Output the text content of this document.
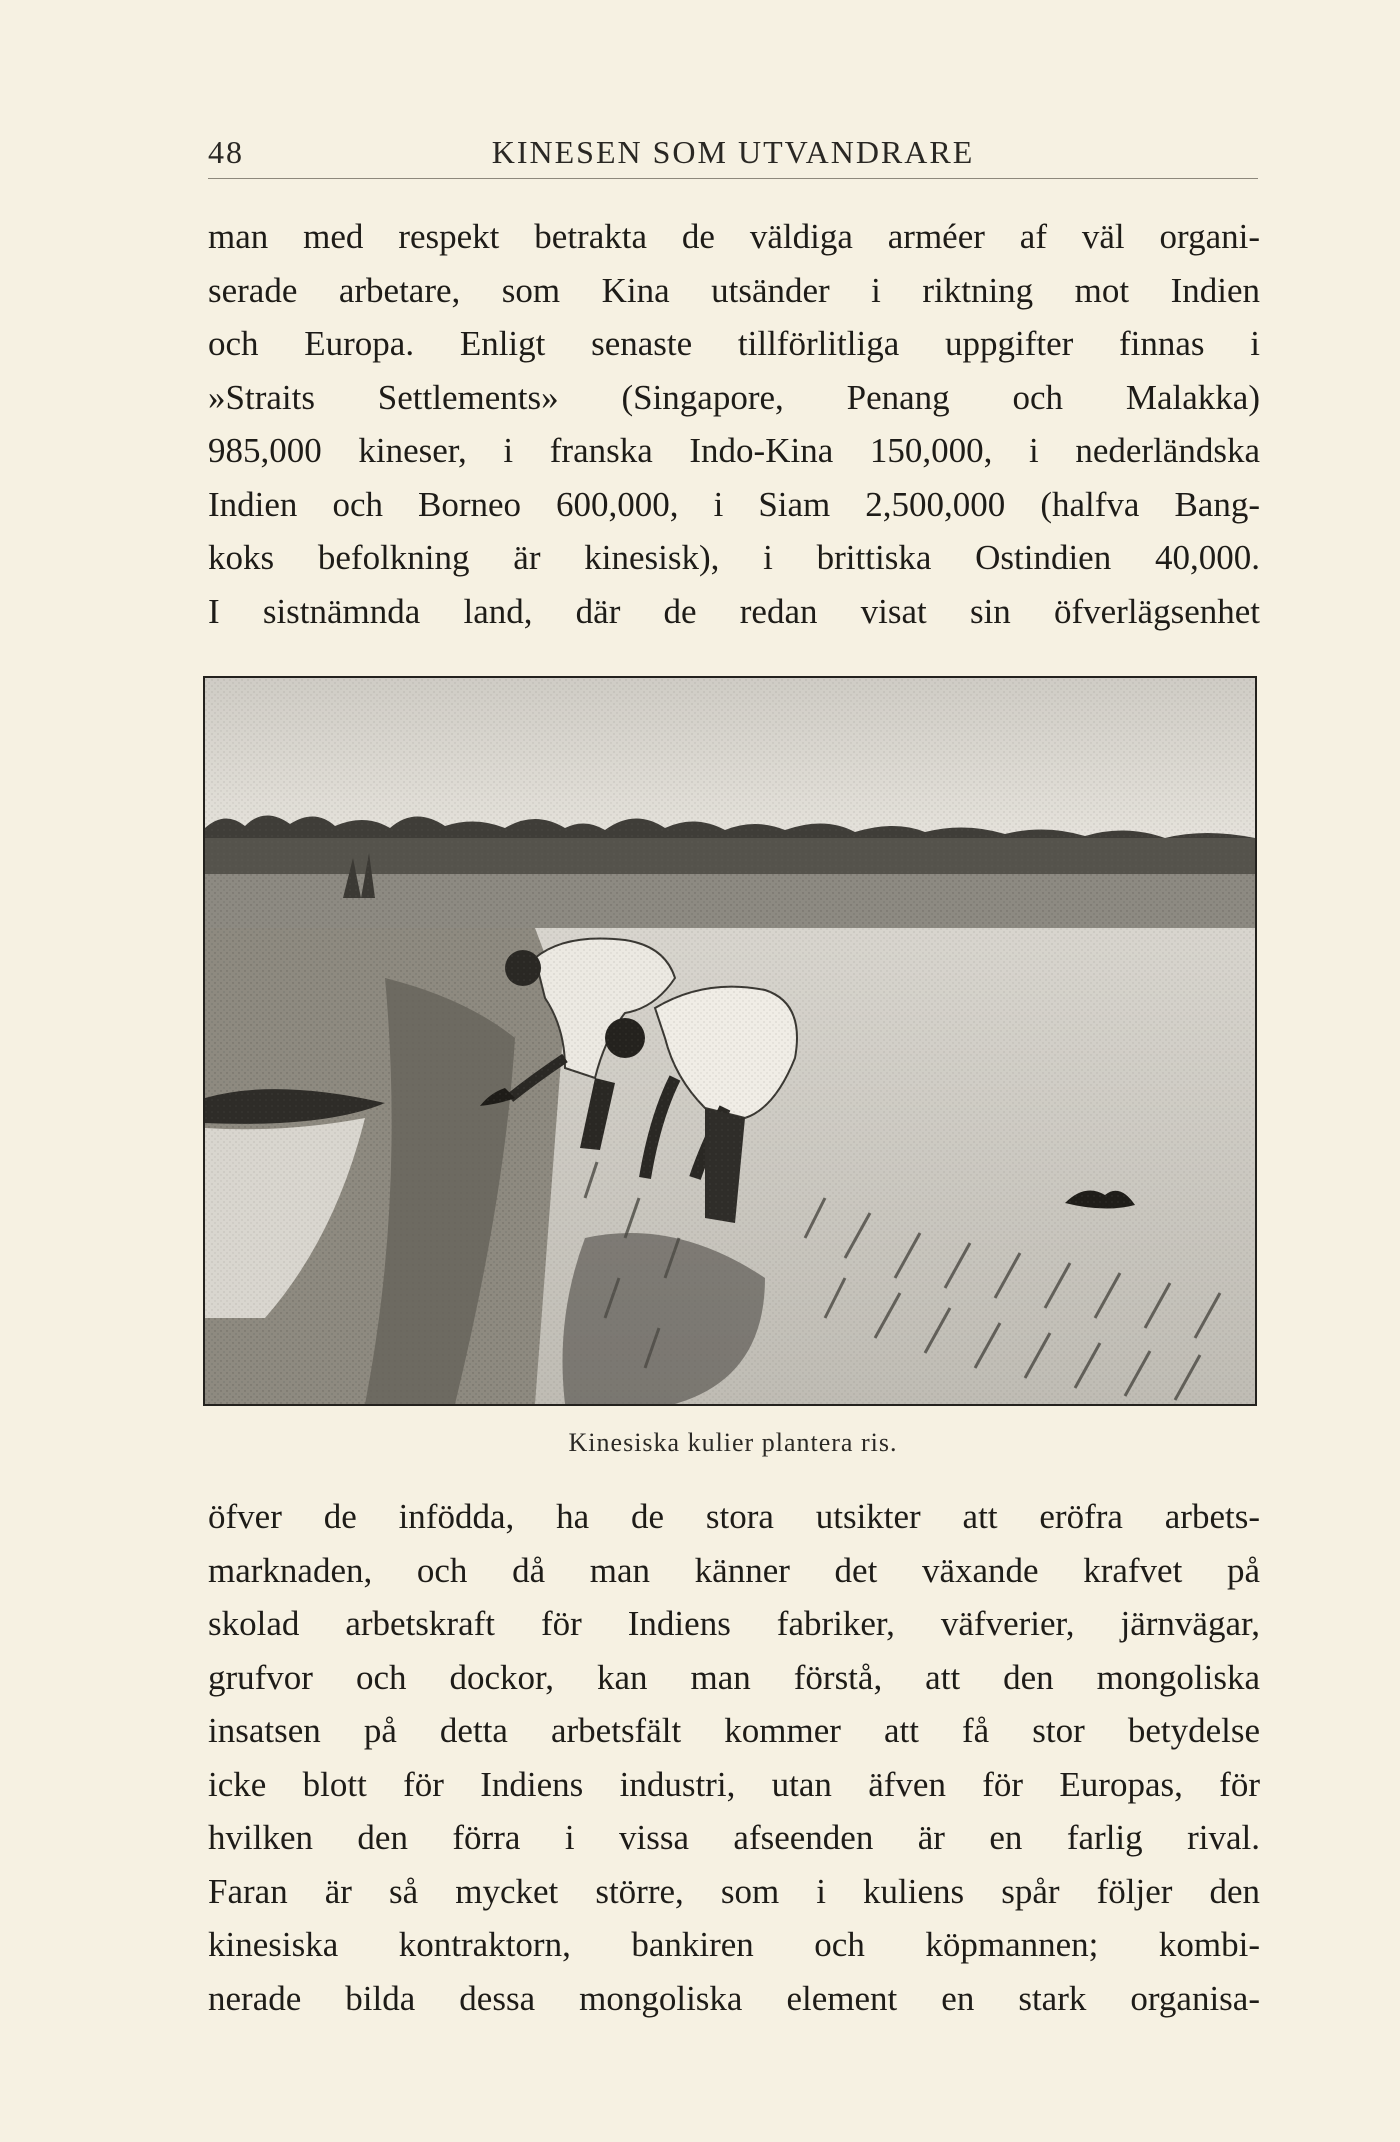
48	KINESEN SOM UTVANDRARE
man med respekt betrakta de väldiga arméer af väl organi-
serade arbetare, som Kina utsänder i riktning mot Indien
och Europa. Enligt senaste tillförlitliga uppgifter finnas i
»Straits Settlements» (Singapore, Penang och Malakka)
985,000 kineser, i franska Indo-Kina 150,000, i nederländska
Indien och Borneo 600,000, i Siam 2,500,000 (halfva Bang-
koks befolkning är kinesisk), i brittiska Ostindien 40,000.
I sistnämnda land, där de redan visat sin öfverlägsenhet
Kinesiska kulier plantera ris.
öfver de infödda, ha de stora utsikter att eröfra arbets-
marknaden, och då man känner det växande krafvet på
skolad arbetskraft för Indiens fabriker, väfverier, järnvägar,
grufvor och dockor, kan man förstå, att den mongoliska
insatsen på detta arbetsfält kommer att få stor betydelse
icke blott för Indiens industri, utan äfven för Europas, för
hvilken den förra i vissa afseenden är en farlig rival.
Faran är så mycket större, som i kuliens spår följer den
kinesiska kontraktorn, bankiren och köpmannen; kombi-
nerade bilda dessa mongoliska element en stark organisa-
